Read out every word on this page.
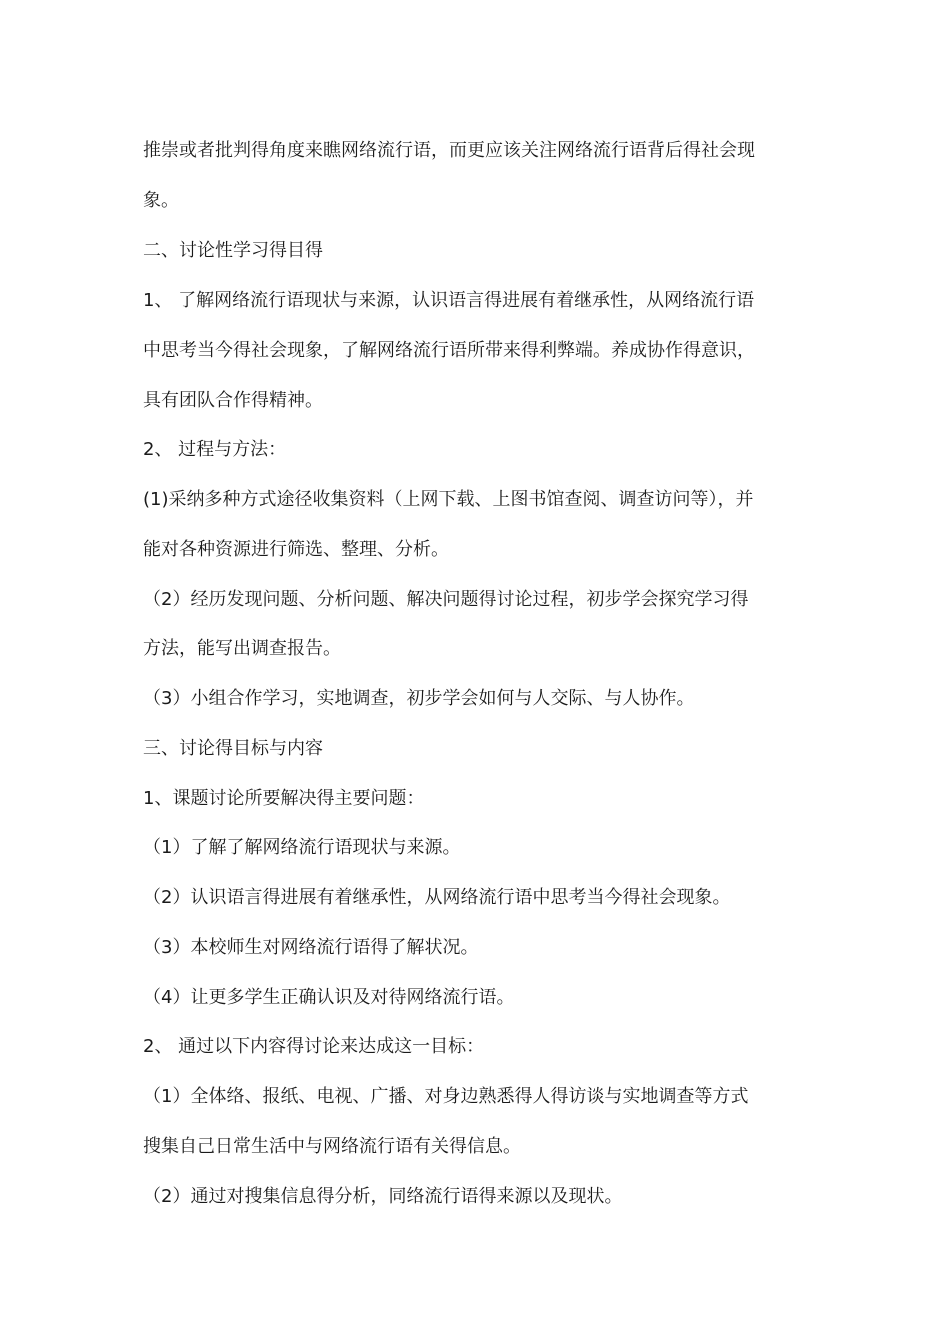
推崇或者批判得角度来瞧网络流行语，而更应该关注网络流行语背后得社会现
象。
二、讨论性学习得目得
1、 了解网络流行语现状与来源，认识语言得进展有着继承性，从网络流行语
中思考当今得社会现象，了解网络流行语所带来得利弊端。养成协作得意识，
具有团队合作得精神。
2、 过程与方法：
(1)采纳多种方式途径收集资料（上网下载、上图书馆查阅、调查访问等），并
能对各种资源进行筛选、整理、分析。
（2）经历发现问题、分析问题、解决问题得讨论过程，初步学会探究学习得
方法，能写出调查报告。
（3）小组合作学习，实地调查，初步学会如何与人交际、与人协作。
三、讨论得目标与内容
1、课题讨论所要解决得主要问题：
（1）了解了解网络流行语现状与来源。
（2）认识语言得进展有着继承性，从网络流行语中思考当今得社会现象。
（3）本校师生对网络流行语得了解状况。
（4）让更多学生正确认识及对待网络流行语。
2、 通过以下内容得讨论来达成这一目标：
（1）全体络、报纸、电视、广播、对身边熟悉得人得访谈与实地调查等方式
搜集自己日常生活中与网络流行语有关得信息。
（2）通过对搜集信息得分析，同络流行语得来源以及现状。
